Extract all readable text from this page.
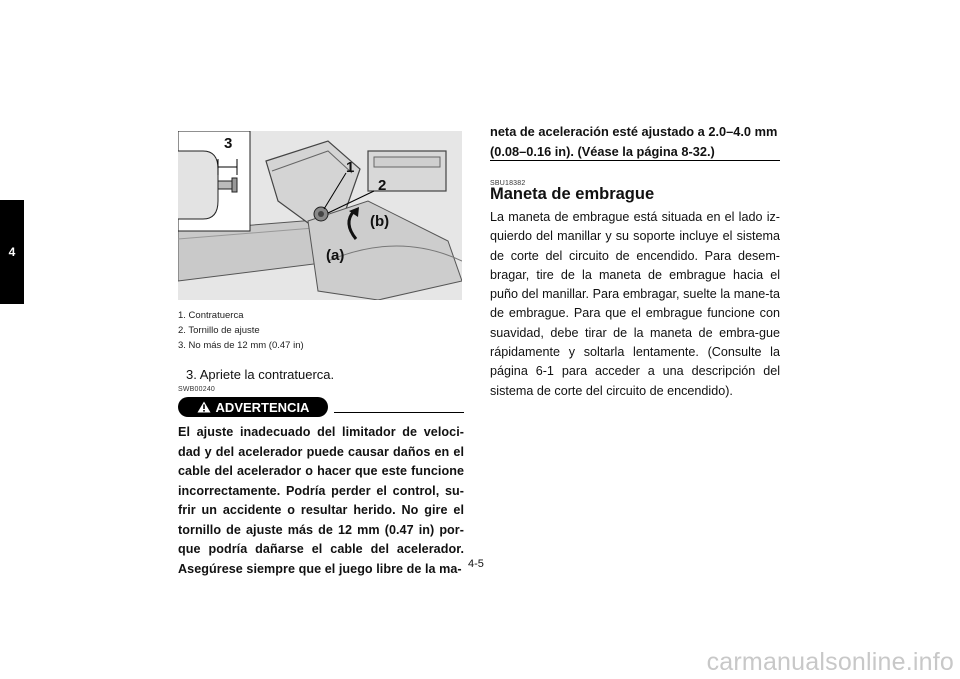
4
3
1
2
(b)
(a)
1. Contratuerca
2. Tornillo de ajuste
3. No más de 12 mm (0.47 in)
3. Apriete la contratuerca.
SWB00240
ADVERTENCIA
El ajuste inadecuado del limitador de veloci-dad y del acelerador puede causar daños en el cable del acelerador o hacer que este funcione incorrectamente. Podría perder el control, su-frir un accidente o resultar herido. No gire el tornillo de ajuste más de 12 mm (0.47 in) por-que podría dañarse el cable del acelerador. Asegúrese siempre que el juego libre de la ma-
neta de aceleración esté ajustado a 2.0–4.0 mm (0.08–0.16 in). (Véase la página 8-32.)
SBU18382
Maneta de embrague
La maneta de embrague está situada en el lado iz-quierdo del manillar y su soporte incluye el sistema de corte del circuito de encendido. Para desem-bragar, tire de la maneta de embrague hacia el puño del manillar. Para embragar, suelte la mane-ta de embrague. Para que el embrague funcione con suavidad, debe tirar de la maneta de embra-gue rápidamente y soltarla lentamente. (Consulte la página 6-1 para acceder a una descripción del sistema de corte del circuito de encendido).
4-5
carmanualsonline.info
